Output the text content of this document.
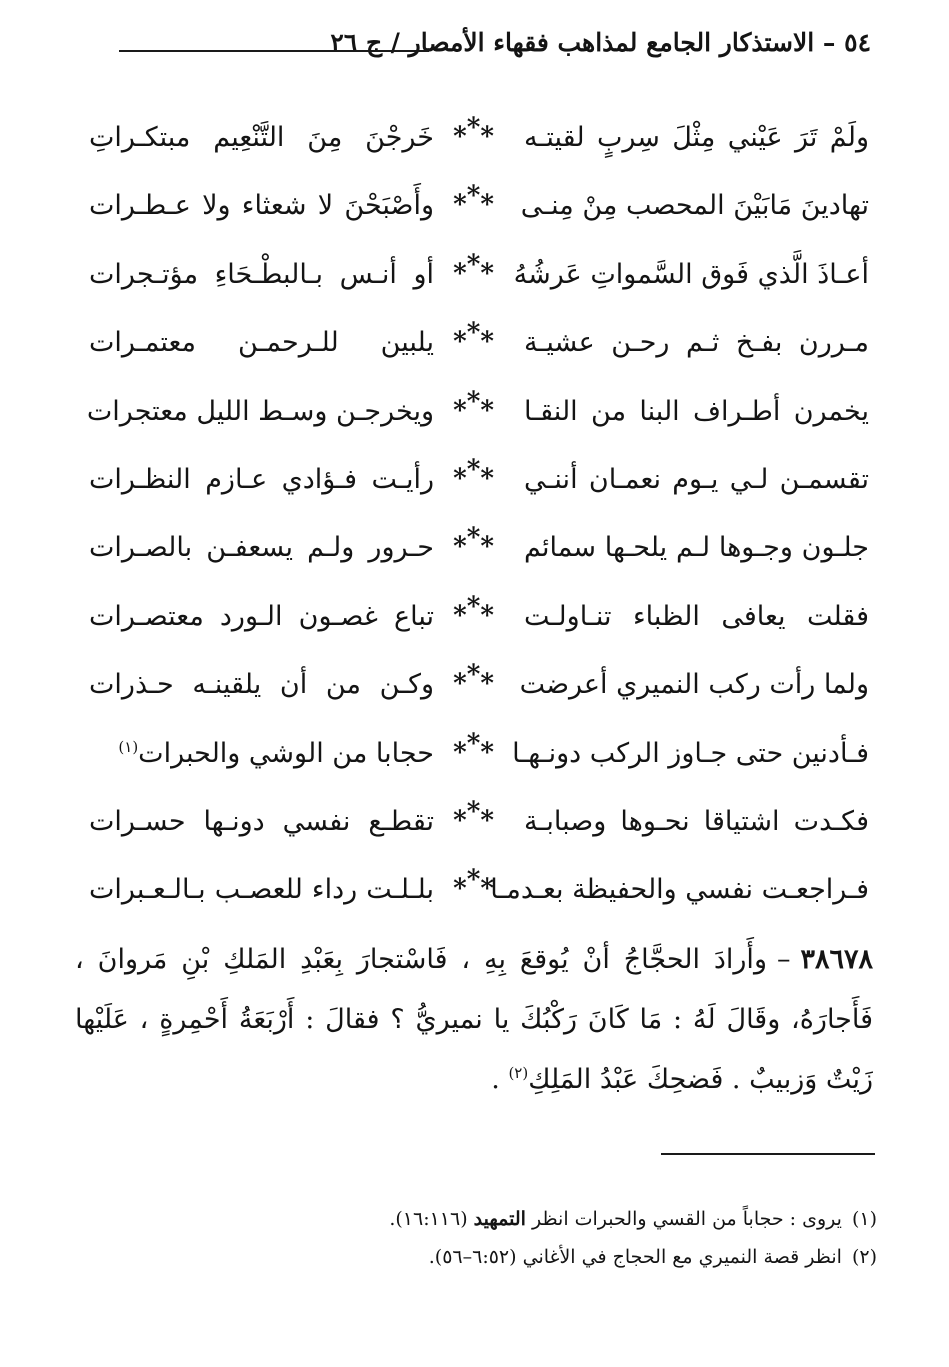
٥٤ – الاستذكار الجامع لمذاهب فقهاء الأمصار / ج ٢٦
ولَمْ تَرَ عَيْني مِثْلَ سِربٍ لقيتـه
***
خَرجْنَ مِنَ التَّنْعِيم مبتكـراتِ
تهادينَ مَابَيْنَ المحصب مِنْ مِنـى
***
وأَصْبَحْنَ لا شعثاء ولا عـطـرات
أعـاذَ الَّذي فَوق السَّمواتِ عَرشُهُ
***
أو أنـس بـالبطْـحَاءِ مؤتـجرات
مـررن بفـخ ثـم رحـن عشيـة
***
يلبين للـرحمـن معتمـرات
يخمرن أطـراف البنا من النقـا
***
ويخرجـن وسـط الليل معتجرات
تقسمـن لـي يـوم نعمـان أننـي
***
رأيـت فـؤادي عـازم النظـرات
جلـون وجـوها لـم يلحـها سمائم
***
حـرور ولـم يسعفـن بالصـرات
فقلت يعافى الظباء تنـاولـت
***
تباع غصـون الـورد معتصـرات
ولما رأت ركب النميري أعرضت
***
وكـن من أن يلقينـه حـذرات
فـأدنين حتى جـاوز الركب دونـهـا
***
حجابا من الوشي والحبرات$^{(١)}$
فكـدت اشتياقا نحـوها وصبابـة
***
تقطـع نفسي دونـها حسـرات
فـراجعـت نفسي والحفيظة بعـدمـا
***
بلـلـت رداء للعصـب بـالـعـبرات
٣٨٦٧٨–وأَرادَ الحجَّاجُ أنْ يُوقعَ بِهِ ، فَاسْتجارَ بِعَبْدِ المَلكِ بْنِ مَروانَ ، فَأَجارَهُ، وقَالَ لَهُ : مَا كَانَ رَكْبُكَ يا نميريُّ ؟ فقالَ : أَرْبَعَةُ أَحْمِرةٍ ، عَلَيْها زَيْتٌ وَزبيبٌ . فَضحِكَ عَبْدُ المَلِكِ$^{(٢)}$ .
(١)يروى : حجاباً من القسي والحبرات انظر التمهيد (١٦:١١٦).
(٢)انظر قصة النميري مع الحجاج في الأغاني (٦:٥٢–٥٦).
